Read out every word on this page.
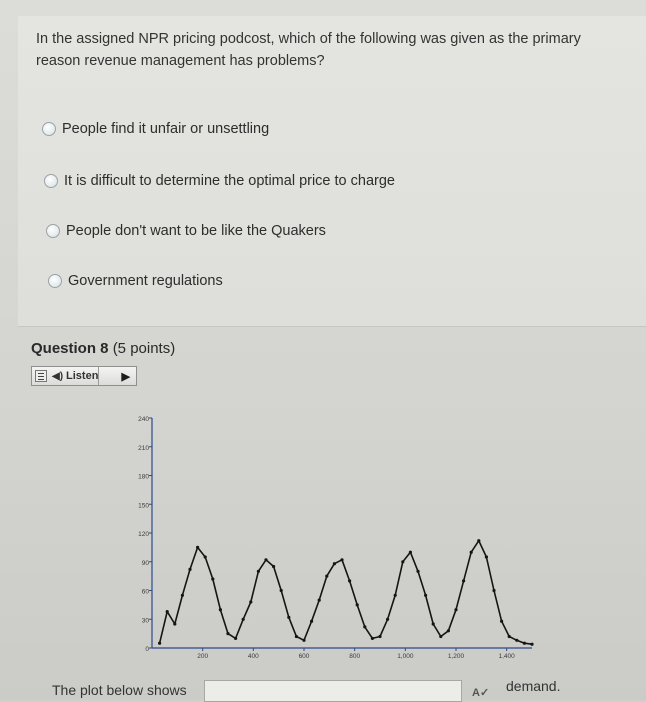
In the assigned NPR pricing podcost, which of the following was given as the primary reason revenue management has problems?
People find it unfair or unsettling
It is difficult to determine the optimal price to charge
People don't want to be like the Quakers
Government regulations
Question 8 (5 points)
◀) Listen ▶
0
30
60
90
120
150
180
210
240
200	400	600	800	1,000	1,200	1,400
The plot below shows	A✓ demand.
